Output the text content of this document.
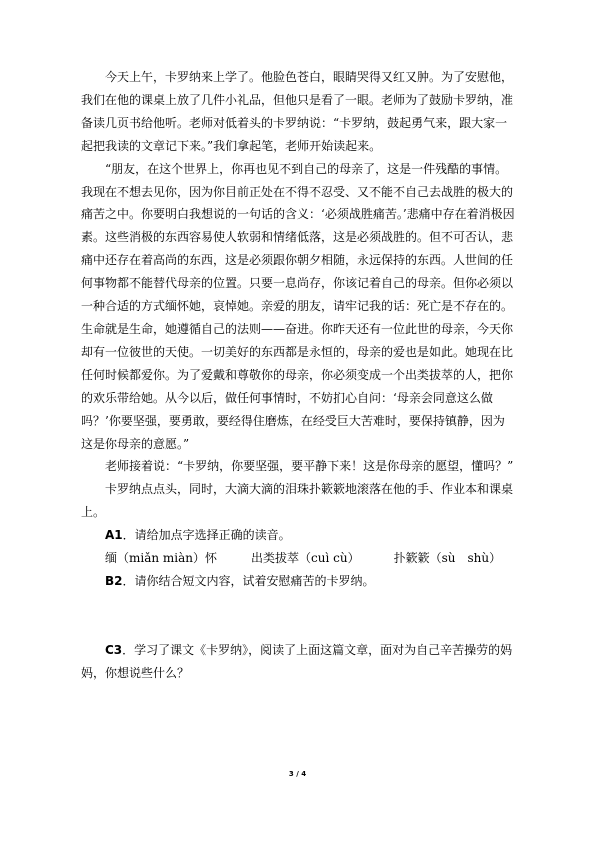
今天上午，卡罗纳来上学了。他脸色苍白，眼睛哭得又红又肿。为了安慰他，我们在他的课桌上放了几件小礼品，但他只是看了一眼。老师为了鼓励卡罗纳，准备读几页书给他听。老师对低着头的卡罗纳说：“卡罗纳，鼓起勇气来，跟大家一起把我读的文章记下来。”我们拿起笔，老师开始读起来。

“朋友，在这个世界上，你再也见不到自己的母亲了，这是一件残酷的事情。我现在不想去见你，因为你目前正处在不得不忍受、又不能不自己去战胜的极大的痛苦之中。你要明白我想说的一句话的含义：‘必须战胜痛苦。’悲痛中存在着消极因素。这些消极的东西容易使人软弱和情绪低落，这是必须战胜的。但不可否认，悲痛中还存在着高尚的东西，这是必须跟你朝夕相随，永远保持的东西。人世间的任何事物都不能替代母亲的位置。只要一息尚存，你该记着自己的母亲。但你必须以一种合适的方式缅怀她，哀悼她。亲爱的朋友，请牢记我的话：死亡是不存在的。生命就是生命，她遵循自己的法则——奋进。你昨天还有一位此世的母亲，今天你却有一位彼世的天使。一切美好的东西都是永恒的，母亲的爱也是如此。她现在比任何时候都爱你。为了爱戴和尊敬你的母亲，你必须变成一个出类拔萃的人，把你的欢乐带给她。从今以后，做任何事情时，不妨扪心自问：‘母亲会同意这么做吗？’你要坚强，要勇敢，要经得住磨炼，在经受巨大苦难时，要保持镇静，因为这是你母亲的意愿。”

老师接着说：“卡罗纳，你要坚强，要平静下来！这是你母亲的愿望，懂吗？”

卡罗纳点点头，同时，大滴大滴的泪珠扑簌簌地滚落在他的手、作业本和课桌上。

A1．请给加点字选择正确的读音。

缅（miǎn miàn）怀	出类拔萃（cuì cù）	扑簌簌（sù　shù）

B2．请你结合短文内容，试着安慰痛苦的卡罗纳。

C3．学习了课文《卡罗纳》，阅读了上面这篇文章，面对为自己辛苦操劳的妈妈，你想说些什么？

3 / 4
